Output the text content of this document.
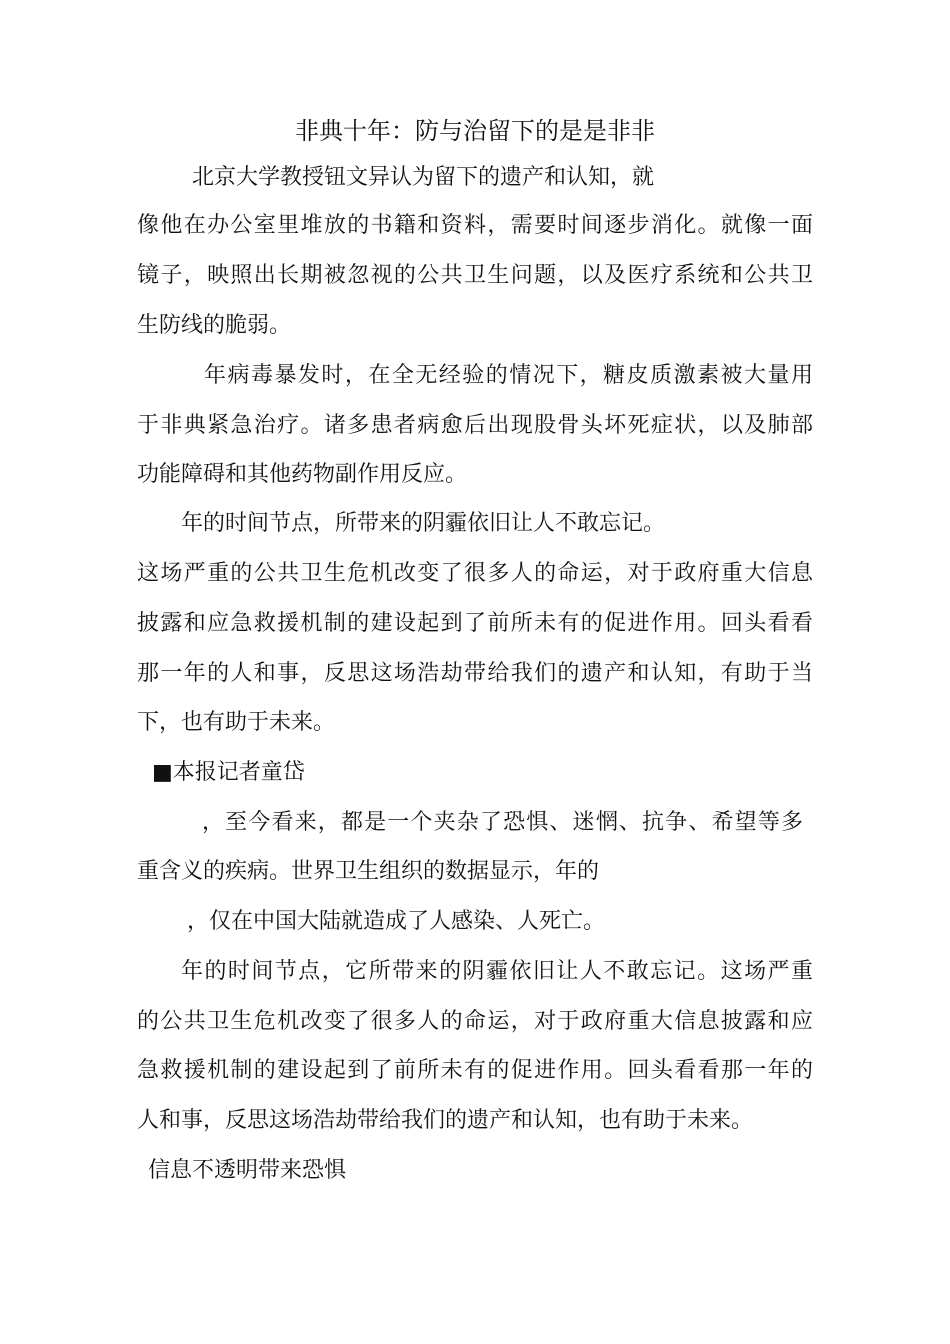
非典十年：防与治留下的是是非非
北京大学教授钮文异认为留下的遗产和认知，就
像他在办公室里堆放的书籍和资料，需要时间逐步消化。就像一面
镜子，映照出长期被忽视的公共卫生问题，以及医疗系统和公共卫
生防线的脆弱。
年病毒暴发时，在全无经验的情况下，糖皮质激素被大量用
于非典紧急治疗。诸多患者病愈后出现股骨头坏死症状，以及肺部
功能障碍和其他药物副作用反应。
年的时间节点，所带来的阴霾依旧让人不敢忘记。
这场严重的公共卫生危机改变了很多人的命运，对于政府重大信息
披露和应急救援机制的建设起到了前所未有的促进作用。回头看看
那一年的人和事，反思这场浩劫带给我们的遗产和认知，有助于当
下，也有助于未来。
■本报记者童岱
，至今看来，都是一个夹杂了恐惧、迷惘、抗争、希望等多
重含义的疾病。世界卫生组织的数据显示，年的
，仅在中国大陆就造成了人感染、人死亡。
年的时间节点，它所带来的阴霾依旧让人不敢忘记。这场严重
的公共卫生危机改变了很多人的命运，对于政府重大信息披露和应
急救援机制的建设起到了前所未有的促进作用。回头看看那一年的
人和事，反思这场浩劫带给我们的遗产和认知，也有助于未来。
信息不透明带来恐惧
